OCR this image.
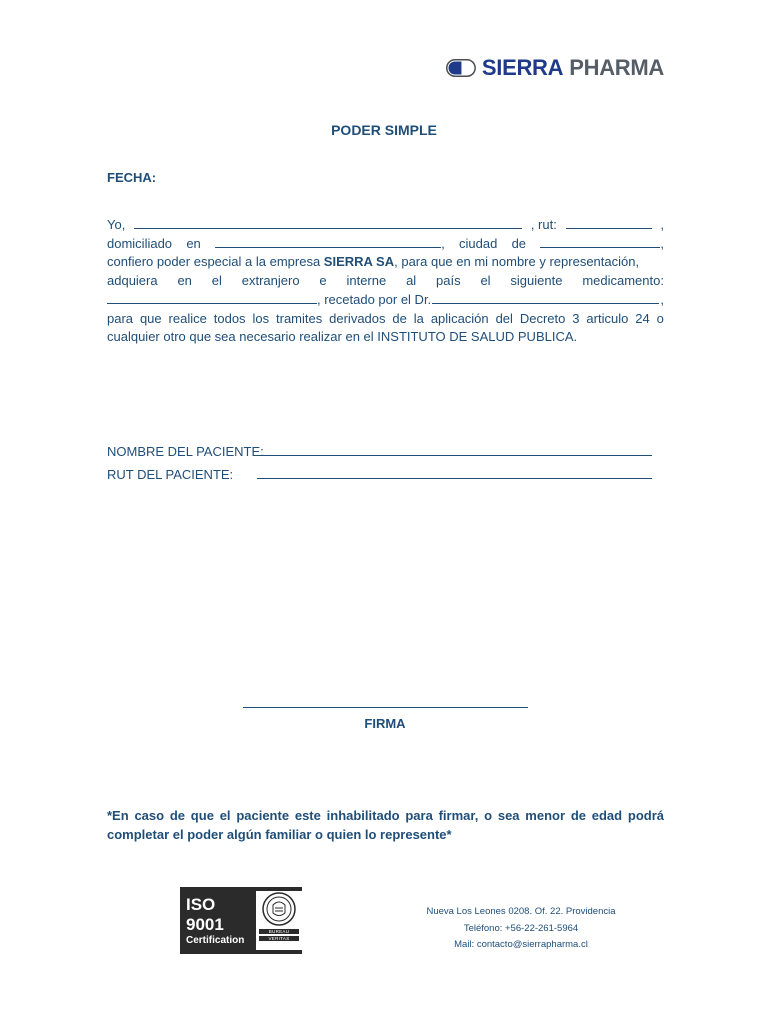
SIERRA PHARMA
PODER SIMPLE
FECHA:
Yo,	, rut:	,
domiciliado en	, ciudad de	,
confiero poder especial a la empresa SIERRA SA, para que en mi nombre y representación,
adquiera en el extranjero e interne al país el siguiente medicamento:
, recetado por el Dr.	,
para que realice todos los tramites derivados de la aplicación del Decreto 3 articulo 24 o
cualquier otro que sea necesario realizar en el INSTITUTO DE SALUD PUBLICA.
NOMBRE DEL PACIENTE:
RUT DEL PACIENTE:
FIRMA
*En caso de que el paciente este inhabilitado para firmar, o sea menor de edad podrá completar el poder algún familiar o quien lo represente*
ISO 9001
Certification
BUREAU
VERITAS
Nueva Los Leones 0208. Of. 22. Providencia
Teléfono: +56-22-261-5964
Mail: contacto@sierrapharma.cl
